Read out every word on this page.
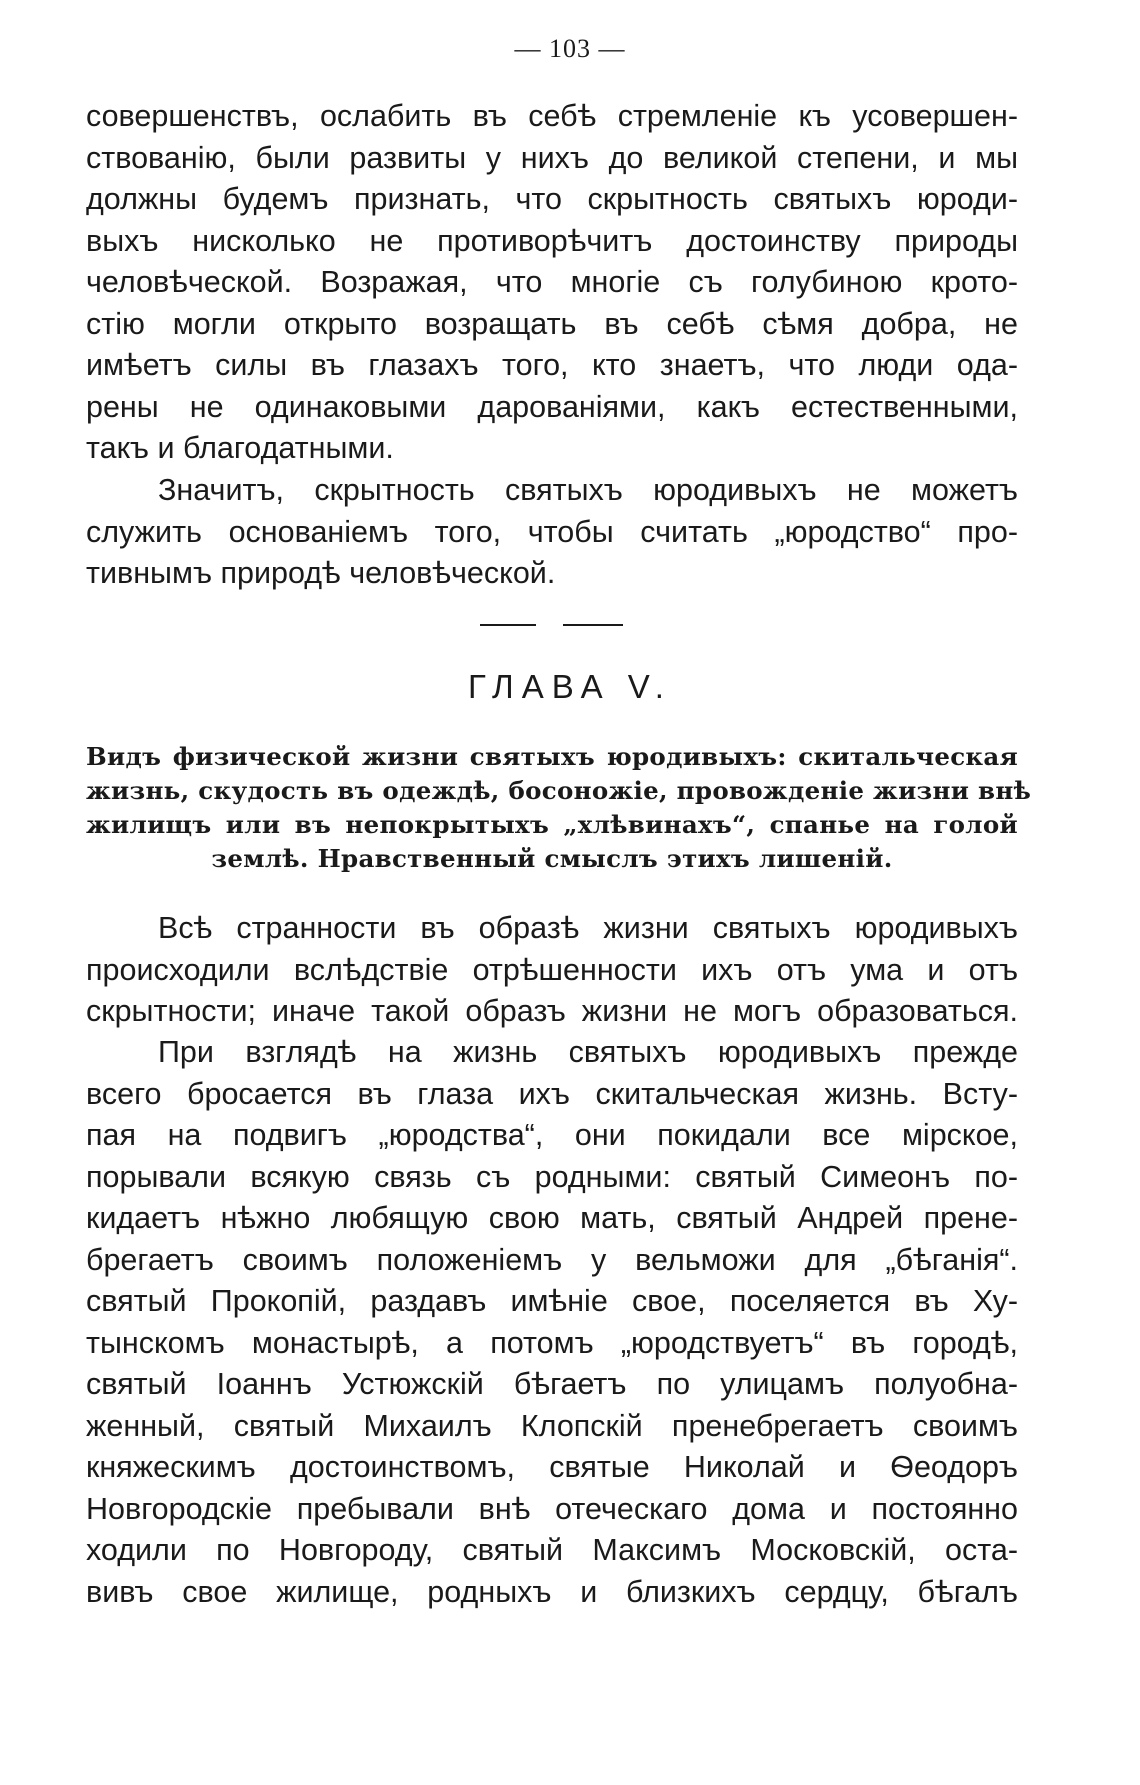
— 103 —
совершенствъ, ослабить въ себѣ стремленіе къ усовершен-
ствованію, были развиты у нихъ до великой степени, и мы
должны будемъ признать, что скрытность святыхъ юроди-
выхъ нисколько не противорѣчитъ достоинству природы
человѣческой. Возражая, что многіе съ голубиною крото-
стію могли открыто возращать въ себѣ сѣмя добра, не
имѣетъ силы въ глазахъ того, кто знаетъ, что люди ода-
рены не одинаковыми дарованіями, какъ естественными,
такъ и благодатными.
Значитъ, скрытность святыхъ юродивыхъ не можетъ
служить основаніемъ того, чтобы считать „юродство“ про-
тивнымъ природѣ человѣческой.
ГЛАВА V.
Видъ физической жизни святыхъ юродивыхъ: скитальческая
жизнь, скудость въ одеждѣ, босоножіе, провожденіе жизни внѣ
жилищъ или въ непокрытыхъ „хлѣвинахъ“, спанье на голой
землѣ. Нравственный смыслъ этихъ лишеній.
Всѣ странности въ образѣ жизни святыхъ юродивыхъ
происходили вслѣдствіе отрѣшенности ихъ отъ ума и отъ
скрытности; иначе такой образъ жизни не могъ образоваться.
При взглядѣ на жизнь святыхъ юродивыхъ прежде
всего бросается въ глаза ихъ скитальческая жизнь. Всту-
пая на подвигъ „юродства“, они покидали все мірское,
порывали всякую связь съ родными: святый Симеонъ по-
кидаетъ нѣжно любящую свою мать, святый Андрей прене-
брегаетъ своимъ положеніемъ у вельможи для „бѣганія“.
святый Прокопій, раздавъ имѣніе свое, поселяется въ Ху-
тынскомъ монастырѣ, а потомъ „юродствуетъ“ въ городѣ,
святый Іоаннъ Устюжскій бѣгаетъ по улицамъ полуобна-
женный, святый Михаилъ Клопскій пренебрегаетъ своимъ
княжескимъ достоинствомъ, святые Николай и Ѳеодоръ
Новгородскіе пребывали внѣ отеческаго дома и постоянно
ходили по Новгороду, святый Максимъ Московскій, оста-
вивъ свое жилище, родныхъ и близкихъ сердцу, бѣгалъ
